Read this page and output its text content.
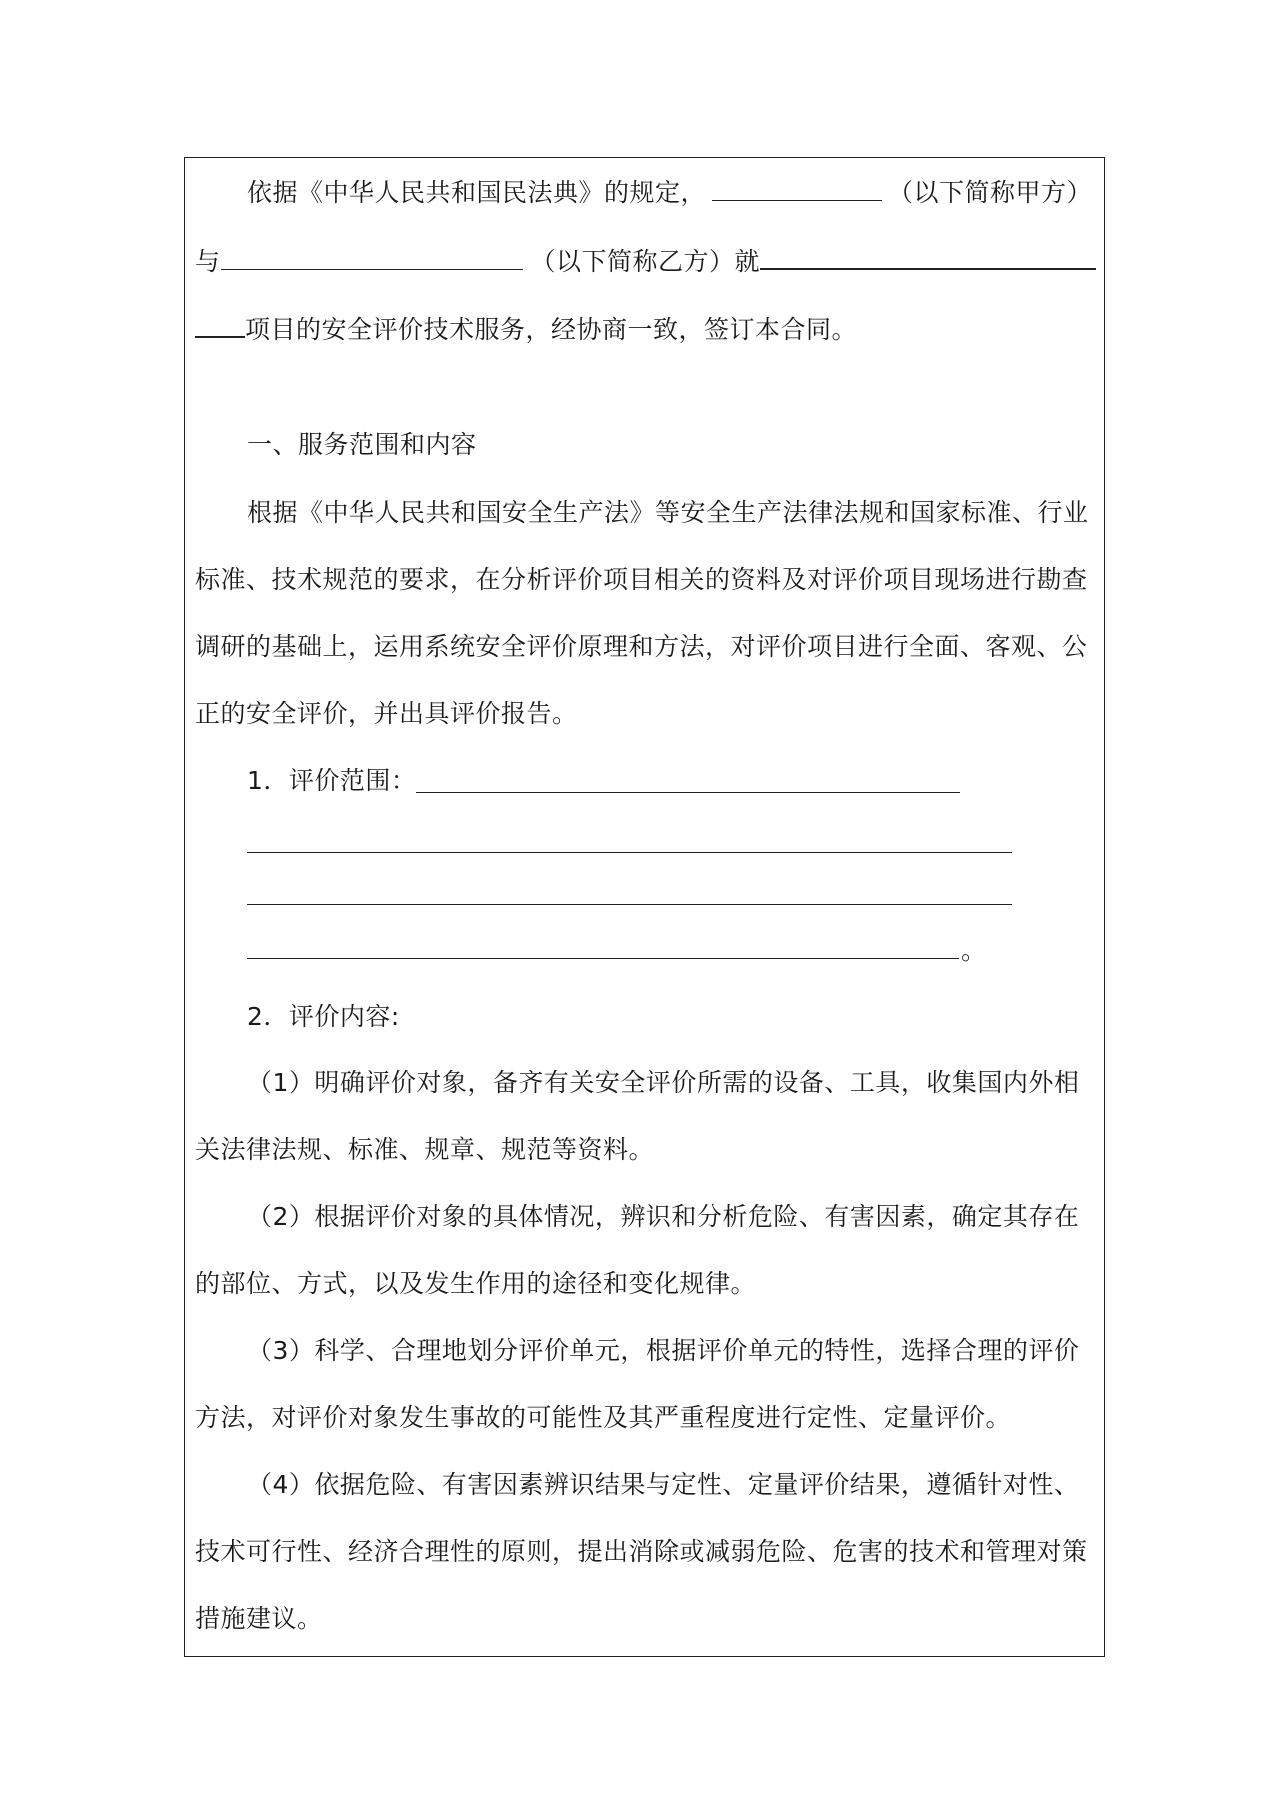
依据《中华人民共和国民法典》的规定，	（以下简称甲方）
与	（以下简称乙方）就
项目的安全评价技术服务，经协商一致，签订本合同。
一、服务范围和内容
根据《中华人民共和国安全生产法》等安全生产法律法规和国家标准、行业
标准、技术规范的要求，在分析评价项目相关的资料及对评价项目现场进行勘查
调研的基础上，运用系统安全评价原理和方法，对评价项目进行全面、客观、公
正的安全评价，并出具评价报告。
1．评价范围：
。
2．评价内容:
（1）明确评价对象，备齐有关安全评价所需的设备、工具，收集国内外相
关法律法规、标准、规章、规范等资料。
（2）根据评价对象的具体情况，辨识和分析危险、有害因素，确定其存在
的部位、方式，以及发生作用的途径和变化规律。
（3）科学、合理地划分评价单元，根据评价单元的特性，选择合理的评价
方法，对评价对象发生事故的可能性及其严重程度进行定性、定量评价。
（4）依据危险、有害因素辨识结果与定性、定量评价结果，遵循针对性、
技术可行性、经济合理性的原则，提出消除或减弱危险、危害的技术和管理对策
措施建议。
